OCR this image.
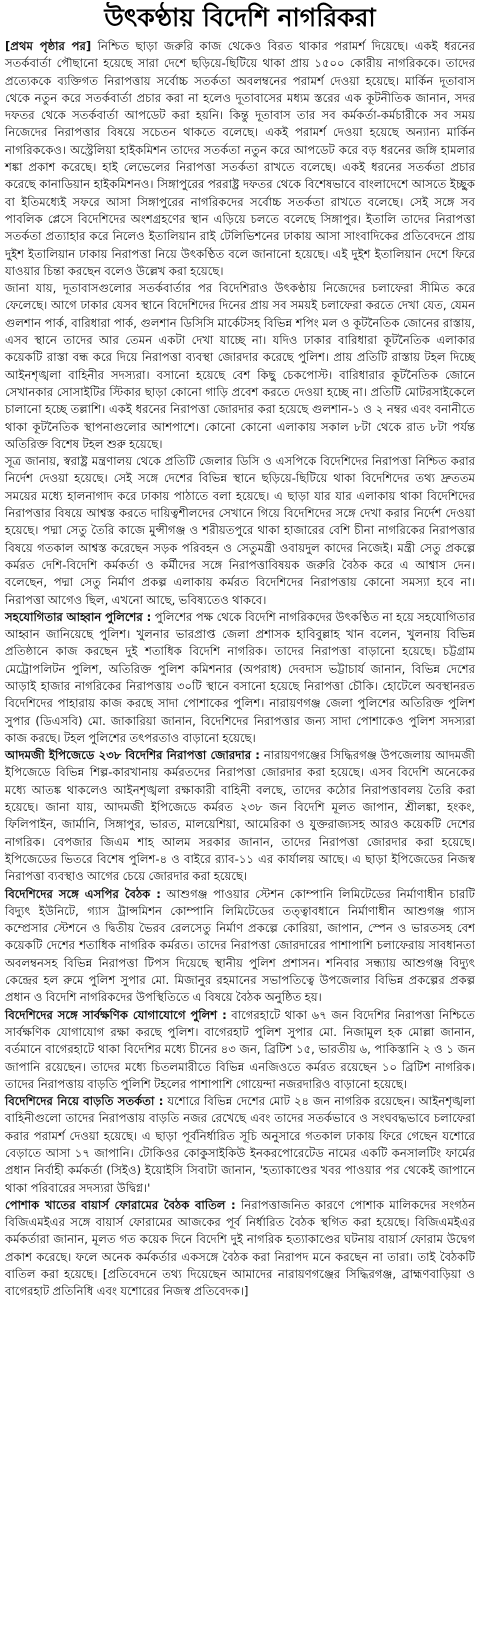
উৎকণ্ঠায় বিদেশি নাগরিকরা

[প্রথম পৃষ্ঠার পর] নিশ্চিত ছাড়া জরুরি কাজ থেকেও বিরত থাকার পরামর্শ দিয়েছে। একই ধরনের সতর্কবার্তা পৌছানো হয়েছে সারা দেশে ছড়িয়ে-ছিটিয়ে থাকা প্রায় ১৫০০ কোরীয় নাগরিককে। তাদের প্রত্যেককে ব্যক্তিগত নিরাপত্তায় সর্বোচ্চ সতর্কতা অবলম্বনের পরামর্শ দেওয়া হয়েছে। মার্কিন দূতাবাস থেকে নতুন করে সতর্কবার্তা প্রচার করা না হলেও দূতাবাসের মধ্যম স্তরের এক কূটনীতিক জানান, সদর দফতর থেকে সতর্কবার্তা আপডেট করা হয়নি। কিন্তু দূতাবাস তার সব কর্মকর্তা-কর্মচারীকে সব সময় নিজেদের নিরাপত্তার বিষয়ে সচেতন থাকতে বলেছে। একই পরামর্শ দেওয়া হয়েছে অন্যান্য মার্কিন নাগরিককেও। অস্ট্রেলিয়া হাইকমিশন তাদের সতর্কতা নতুন করে আপডেট করে বড় ধরনের জঙ্গি হামলার শঙ্কা প্রকাশ করেছে। হাই লেভেলের নিরাপত্তা সতর্কতা রাখতে বলেছে। একই ধরনের সতর্কতা প্রচার করেছে কানাডিয়ান হাইকমিশনও। সিঙ্গাপুরের পররাষ্ট্র দফতর থেকে বিশেষভাবে বাংলাদেশে আসতে ইচ্ছুক বা ইতিমধ্যেই সফরে আসা সিঙ্গাপুরের নাগরিকদের সর্বোচ্চ সতর্কতা রাখতে বলেছে। সেই সঙ্গে সব পাবলিক প্লেসে বিদেশিদের অংশগ্রহণের স্থান এড়িয়ে চলতে বলেছে সিঙ্গাপুর। ইতালি তাদের নিরাপত্তা সতর্কতা প্রত্যাহার করে নিলেও ইতালিয়ান রাই টেলিভিশনের ঢাকায় আসা সাংবাদিকের প্রতিবেদনে প্রায় দুইশ ইতালিয়ান ঢাকায় নিরাপত্তা নিয়ে উৎকণ্ঠিত বলে জানানো হয়েছে। এই দুইশ ইতালিয়ান দেশে ফিরে যাওয়ার চিন্তা করছেন বলেও উল্লেখ করা হয়েছে।

জানা যায়, দূতাবাসগুলোর সতর্কবার্তার পর বিদেশিরাও উৎকণ্ঠায় নিজেদের চলাফেরা সীমিত করে ফেলেছে। আগে ঢাকার যেসব স্থানে বিদেশিদের দিনের প্রায় সব সময়ই চলাফেরা করতে দেখা যেত, যেমন গুলশান পার্ক, বারিধারা পার্ক, গুলশান ডিসিসি মার্কেটসহ বিভিন্ন শপিং মল ও কূটনৈতিক জোনের রাস্তায়, এসব স্থানে তাদের আর তেমন একটা দেখা যাচ্ছে না। যদিও ঢাকার বারিধারা কূটনৈতিক এলাকার কয়েকটি রাস্তা বন্ধ করে দিয়ে নিরাপত্তা ব্যবস্থা জোরদার করেছে পুলিশ। প্রায় প্রতিটি রাস্তায় টহল দিচ্ছে আইনশৃঙ্খলা বাহিনীর সদস্যরা। বসানো হয়েছে বেশ কিছু চেকপোস্ট। বারিধারার কূটনৈতিক জোনে সেখানকার সোসাইটির স্টিকার ছাড়া কোনো গাড়ি প্রবেশ করতে দেওয়া হচ্ছে না। প্রতিটি মোটরসাইকেলে চালানো হচ্ছে তল্লাশি। একই ধরনের নিরাপত্তা জোরদার করা হয়েছে গুলশান-১ ও ২ নম্বর এবং বনানীতে থাকা কূটনৈতিক স্থাপনাগুলোর আশপাশে। কোনো কোনো এলাকায় সকাল ৮টা থেকে রাত ৮টা পর্যন্ত অতিরিক্ত বিশেষ টহল শুরু হয়েছে।

সূত্র জানায়, স্বরাষ্ট্র মন্ত্রণালয় থেকে প্রতিটি জেলার ডিসি ও এসপিকে বিদেশিদের নিরাপত্তা নিশ্চিত করার নির্দেশ দেওয়া হয়েছে। সেই সঙ্গে দেশের বিভিন্ন স্থানে ছড়িয়ে-ছিটিয়ে থাকা বিদেশিদের তথ্য দ্রুততম সময়ের মধ্যে হালনাগাদ করে ঢাকায় পাঠাতে বলা হয়েছে। এ ছাড়া যার যার এলাকায় থাকা বিদেশিদের নিরাপত্তার বিষয়ে আশ্বস্ত করতে দায়িত্বশীলদের সেখানে গিয়ে বিদেশিদের সঙ্গে দেখা করার নির্দেশ দেওয়া হয়েছে। পদ্মা সেতু তৈরি কাজে মুন্সীগঞ্জ ও শরীয়তপুরে থাকা হাজারের বেশি চীনা নাগরিকের নিরাপত্তার বিষয়ে গতকাল আশ্বস্ত করেছেন সড়ক পরিবহন ও সেতুমন্ত্রী ওবায়দুল কাদের নিজেই। মন্ত্রী সেতু প্রকল্পে কর্মরত দেশি-বিদেশি কর্মকর্তা ও কর্মীদের সঙ্গে নিরাপত্তাবিষয়ক জরুরি বৈঠক করে এ আশ্বাস দেন। বলেছেন, পদ্মা সেতু নির্মাণ প্রকল্প এলাকায় কর্মরত বিদেশিদের নিরাপত্তায় কোনো সমস্যা হবে না। নিরাপত্তা আগেও ছিল, এখনো আছে, ভবিষ্যতেও থাকবে।

সহযোগিতার আহ্বান পুলিশের : পুলিশের পক্ষ থেকে বিদেশি নাগরিকদের উৎকণ্ঠিত না হয়ে সহযোগিতার আহ্বান জানিয়েছে পুলিশ। খুলনার ভারপ্রাপ্ত জেলা প্রশাসক হাবিবুল্লাহ খান বলেন, খুলনায় বিভিন্ন প্রতিষ্ঠানে কাজ করছেন দুই শতাধিক বিদেশি নাগরিক। তাদের নিরাপত্তা বাড়ানো হয়েছে। চট্টগ্রাম মেট্রোপলিটন পুলিশ, অতিরিক্ত পুলিশ কমিশনার (অপরাধ) দেবদাস ভট্টাচার্য জানান, বিভিন্ন দেশের আড়াই হাজার নাগরিকের নিরাপত্তায় ৩০টি স্থানে বসানো হয়েছে নিরাপত্তা চৌকি। হোটেলে অবস্থানরত বিদেশিদের পাহারায় কাজ করছে সাদা পোশাকের পুলিশ। নারায়ণগঞ্জ জেলা পুলিশের অতিরিক্ত পুলিশ সুপার (ডিএসবি) মো. জাকারিয়া জানান, বিদেশিদের নিরাপত্তার জন্য সাদা পোশাকেও পুলিশ সদস্যরা কাজ করছে। টহল পুলিশের তৎপরতাও বাড়ানো হয়েছে।

আদমজী ইপিজেডে ২৩৮ বিদেশির নিরাপত্তা জোরদার : নারায়ণগঞ্জের সিদ্ধিরগঞ্জ উপজেলায় আদমজী ইপিজেডে বিভিন্ন শিল্প-কারখানায় কর্মরতদের নিরাপত্তা জোরদার করা হয়েছে। এসব বিদেশি অনেকের মধ্যে আতঙ্ক থাকলেও আইনশৃঙ্খলা রক্ষাকারী বাহিনী বলছে, তাদের কঠোর নিরাপত্তাবলয় তৈরি করা হয়েছে। জানা যায়, আদমজী ইপিজেডে কর্মরত ২৩৮ জন বিদেশি মূলত জাপান, শ্রীলঙ্কা, হংকং, ফিলিপাইন, জার্মানি, সিঙ্গাপুর, ভারত, মালয়েশিয়া, আমেরিকা ও যুক্তরাজ্যসহ আরও কয়েকটি দেশের নাগরিক। বেপজার জিএম শাহ আলম সরকার জানান, তাদের নিরাপত্তা জোরদার করা হয়েছে। ইপিজেডের ভিতরে বিশেষ পুলিশ-৪ ও বাইরে র‍্যাব-১১ এর কার্যালয় আছে। এ ছাড়া ইপিজেডের নিজস্ব নিরাপত্তা ব্যবস্থাও আগের চেয়ে জোরদার করা হয়েছে।

বিদেশিদের সঙ্গে এসপির বৈঠক : আশুগঞ্জ পাওয়ার স্টেশন কোম্পানি লিমিটেডের নির্মাণাধীন চারটি বিদ্যুৎ ইউনিটে, গ্যাস ট্রান্সমিশন কোম্পানি লিমিটেডের তত্ত্বাবধানে নির্মাণাধীন আশুগঞ্জ গ্যাস কম্প্রেসার স্টেশনে ও দ্বিতীয় ভৈরব রেলসেতু নির্মাণ প্রকল্পে কোরিয়া, জাপান, স্পেন ও ভারতসহ বেশ কয়েকটি দেশের শতাধিক নাগরিক কর্মরত। তাদের নিরাপত্তা জোরদারের পাশাপাশি চলাফেরায় সাবধানতা অবলম্বনসহ বিভিন্ন নিরাপত্তা টিপস দিয়েছে স্থানীয় পুলিশ প্রশাসন। শনিবার সন্ধ্যায় আশুগঞ্জ বিদ্যুৎ কেন্দ্রের হল রুমে পুলিশ সুপার মো. মিজানুর রহমানের সভাপতিত্বে উপজেলার বিভিন্ন প্রকল্পের প্রকল্প প্রধান ও বিদেশি নাগরিকদের উপস্থিতিতে এ বিষয়ে বৈঠক অনুষ্ঠিত হয়।

বিদেশিদের সঙ্গে সার্বক্ষণিক যোগাযোগে পুলিশ : বাগেরহাটে থাকা ৬৭ জন বিদেশির নিরাপত্তা নিশ্চিতে সার্বক্ষণিক যোগাযোগ রক্ষা করছে পুলিশ। বাগেরহাট পুলিশ সুপার মো. নিজামুল হক মোল্লা জানান, বর্তমানে বাগেরহাটে থাকা বিদেশির মধ্যে চীনের ৪৩ জন, ব্রিটিশ ১৫, ভারতীয় ৬, পাকিস্তানি ২ ও ১ জন জাপানি রয়েছেন। তাদের মধ্যে চিতলমারীতে বিভিন্ন এনজিওতে কর্মরত রয়েছেন ১০ ব্রিটিশ নাগরিক। তাদের নিরাপত্তায় বাড়তি পুলিশি টহলের পাশাপাশি গোয়েন্দা নজরদারিও বাড়ানো হয়েছে।

বিদেশিদের নিয়ে বাড়তি সতর্কতা : যশোরে বিভিন্ন দেশের মোট ২৪ জন নাগরিক রয়েছেন। আইনশৃঙ্খলা বাহিনীগুলো তাদের নিরাপত্তায় বাড়তি নজর রেখেছে এবং তাদের সতর্কভাবে ও সংঘবদ্ধভাবে চলাফেরা করার পরামর্শ দেওয়া হয়েছে। এ ছাড়া পূর্বনির্ধারিত সূচি অনুসারে গতকাল ঢাকায় ফিরে গেছেন যশোরে বেড়াতে আসা ১৭ জাপানি। টোকিওর কোকুসাইকিউ ইনকরপোরেটেড নামের একটি কনসালটিং ফার্মের প্রধান নির্বাহী কর্মকর্তা (সিইও) ইয়োইসি সিবাটা জানান, 'হত্যাকাণ্ডের খবর পাওয়ার পর থেকেই জাপানে থাকা পরিবারের সদস্যরা উদ্বিগ্ন।'

পোশাক খাতের বায়ার্স ফোরামের বৈঠক বাতিল : নিরাপত্তাজনিত কারণে পোশাক মালিকদের সংগঠন বিজিএমইএর সঙ্গে বায়ার্স ফোরামের আজকের পূর্ব নির্ধারিত বৈঠক স্থগিত করা হয়েছে। বিজিএমইএর কর্মকর্তারা জানান, মূলত গত কয়েক দিনে বিদেশি দুই নাগরিক হত্যাকাণ্ডের ঘটনায় বায়ার্স ফোরাম উদ্বেগ প্রকাশ করেছে। ফলে অনেক কর্মকর্তার একসঙ্গে বৈঠক করা নিরাপদ মনে করছেন না তারা। তাই বৈঠকটি বাতিল করা হয়েছে। [প্রতিবেদনে তথ্য দিয়েছেন আমাদের নারায়ণগঞ্জের সিদ্ধিরগঞ্জ, ব্রাহ্মণবাড়িয়া ও বাগেরহাট প্রতিনিধি এবং যশোরের নিজস্ব প্রতিবেদক।]
